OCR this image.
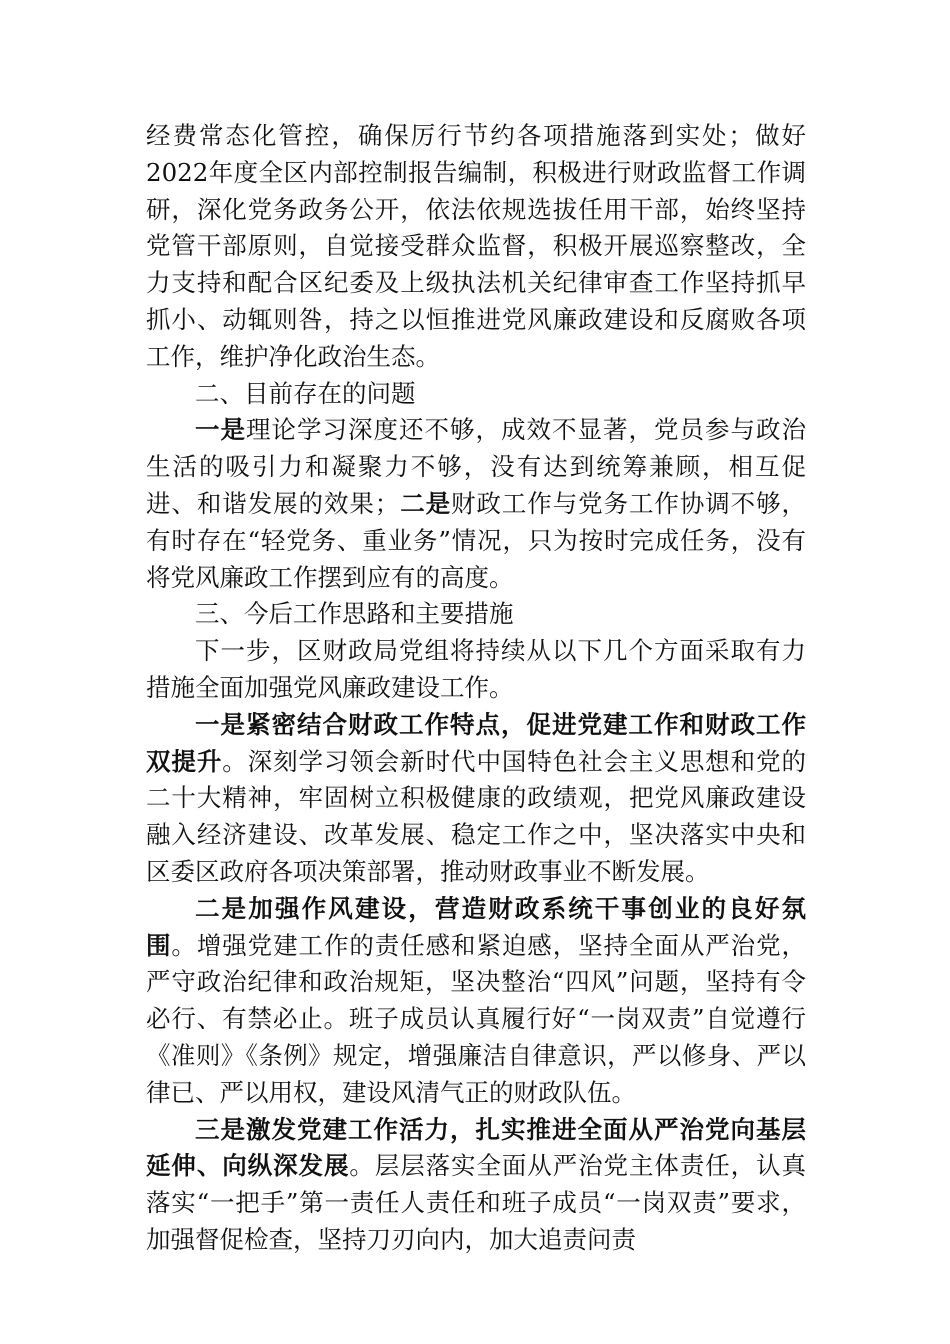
经费常态化管控，确保厉行节约各项措施落到实处；做好2022年度全区内部控制报告编制，积极进行财政监督工作调研，深化党务政务公开，依法依规选拔任用干部，始终坚持党管干部原则，自觉接受群众监督，积极开展巡察整改，全力支持和配合区纪委及上级执法机关纪律审查工作坚持抓早抓小、动辄则咎，持之以恒推进党风廉政建设和反腐败各项工作，维护净化政治生态。

二、目前存在的问题

一是理论学习深度还不够，成效不显著，党员参与政治生活的吸引力和凝聚力不够，没有达到统筹兼顾，相互促进、和谐发展的效果；二是财政工作与党务工作协调不够，有时存在“轻党务、重业务”情况，只为按时完成任务，没有将党风廉政工作摆到应有的高度。

三、今后工作思路和主要措施

下一步，区财政局党组将持续从以下几个方面采取有力措施全面加强党风廉政建设工作。

一是紧密结合财政工作特点，促进党建工作和财政工作双提升。深刻学习领会新时代中国特色社会主义思想和党的二十大精神，牢固树立积极健康的政绩观，把党风廉政建设融入经济建设、改革发展、稳定工作之中，坚决落实中央和区委区政府各项决策部署，推动财政事业不断发展。

二是加强作风建设，营造财政系统干事创业的良好氛围。增强党建工作的责任感和紧迫感，坚持全面从严治党，严守政治纪律和政治规矩，坚决整治“四风”问题，坚持有令必行、有禁必止。班子成员认真履行好“一岗双责”自觉遵行《准则》《条例》规定，增强廉洁自律意识，严以修身、严以律已、严以用权，建设风清气正的财政队伍。

三是激发党建工作活力，扎实推进全面从严治党向基层延伸、向纵深发展。层层落实全面从严治党主体责任，认真落实“一把手”第一责任人责任和班子成员“一岗双责”要求，加强督促检查，坚持刀刃向内，加大追责问责
